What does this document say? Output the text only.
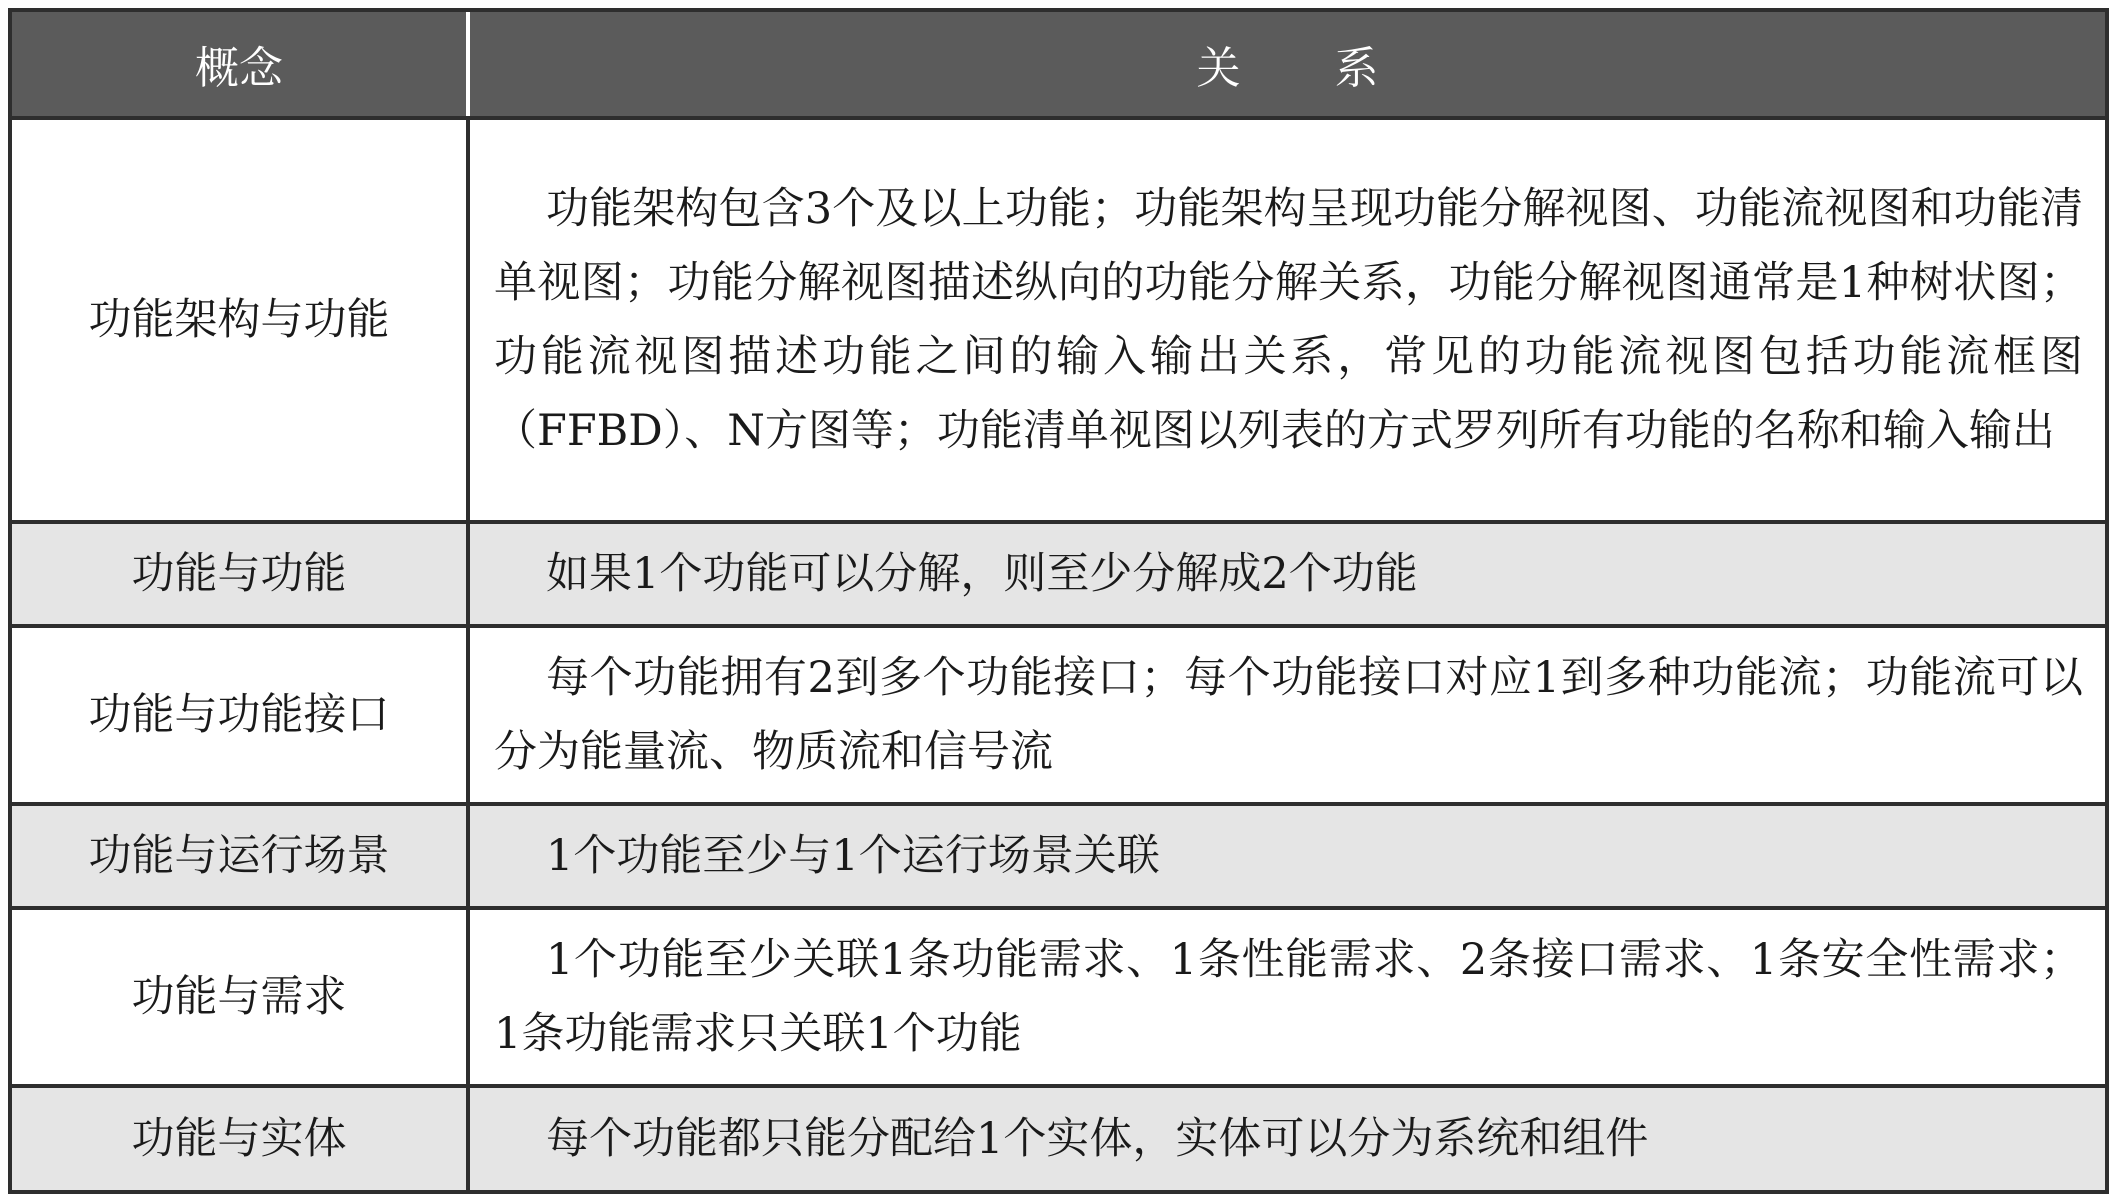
概念	关 系
功能架构与功能	功能架构包含3个及以上功能；功能架构呈现功能分解视图、功能流视图和功能清单视图；功能分解视图描述纵向的功能分解关系，功能分解视图通常是1种树状图；功能流视图描述功能之间的输入输出关系，常见的功能流视图包括功能流框图（FFBD）、N方图等；功能清单视图以列表的方式罗列所有功能的名称和输入输出
功能与功能	如果1个功能可以分解，则至少分解成2个功能
功能与功能接口	每个功能拥有2到多个功能接口；每个功能接口对应1到多种功能流；功能流可以分为能量流、物质流和信号流
功能与运行场景	1个功能至少与1个运行场景关联
功能与需求	1个功能至少关联1条功能需求、1条性能需求、2条接口需求、1条安全性需求；1条功能需求只关联1个功能
功能与实体	每个功能都只能分配给1个实体，实体可以分为系统和组件
